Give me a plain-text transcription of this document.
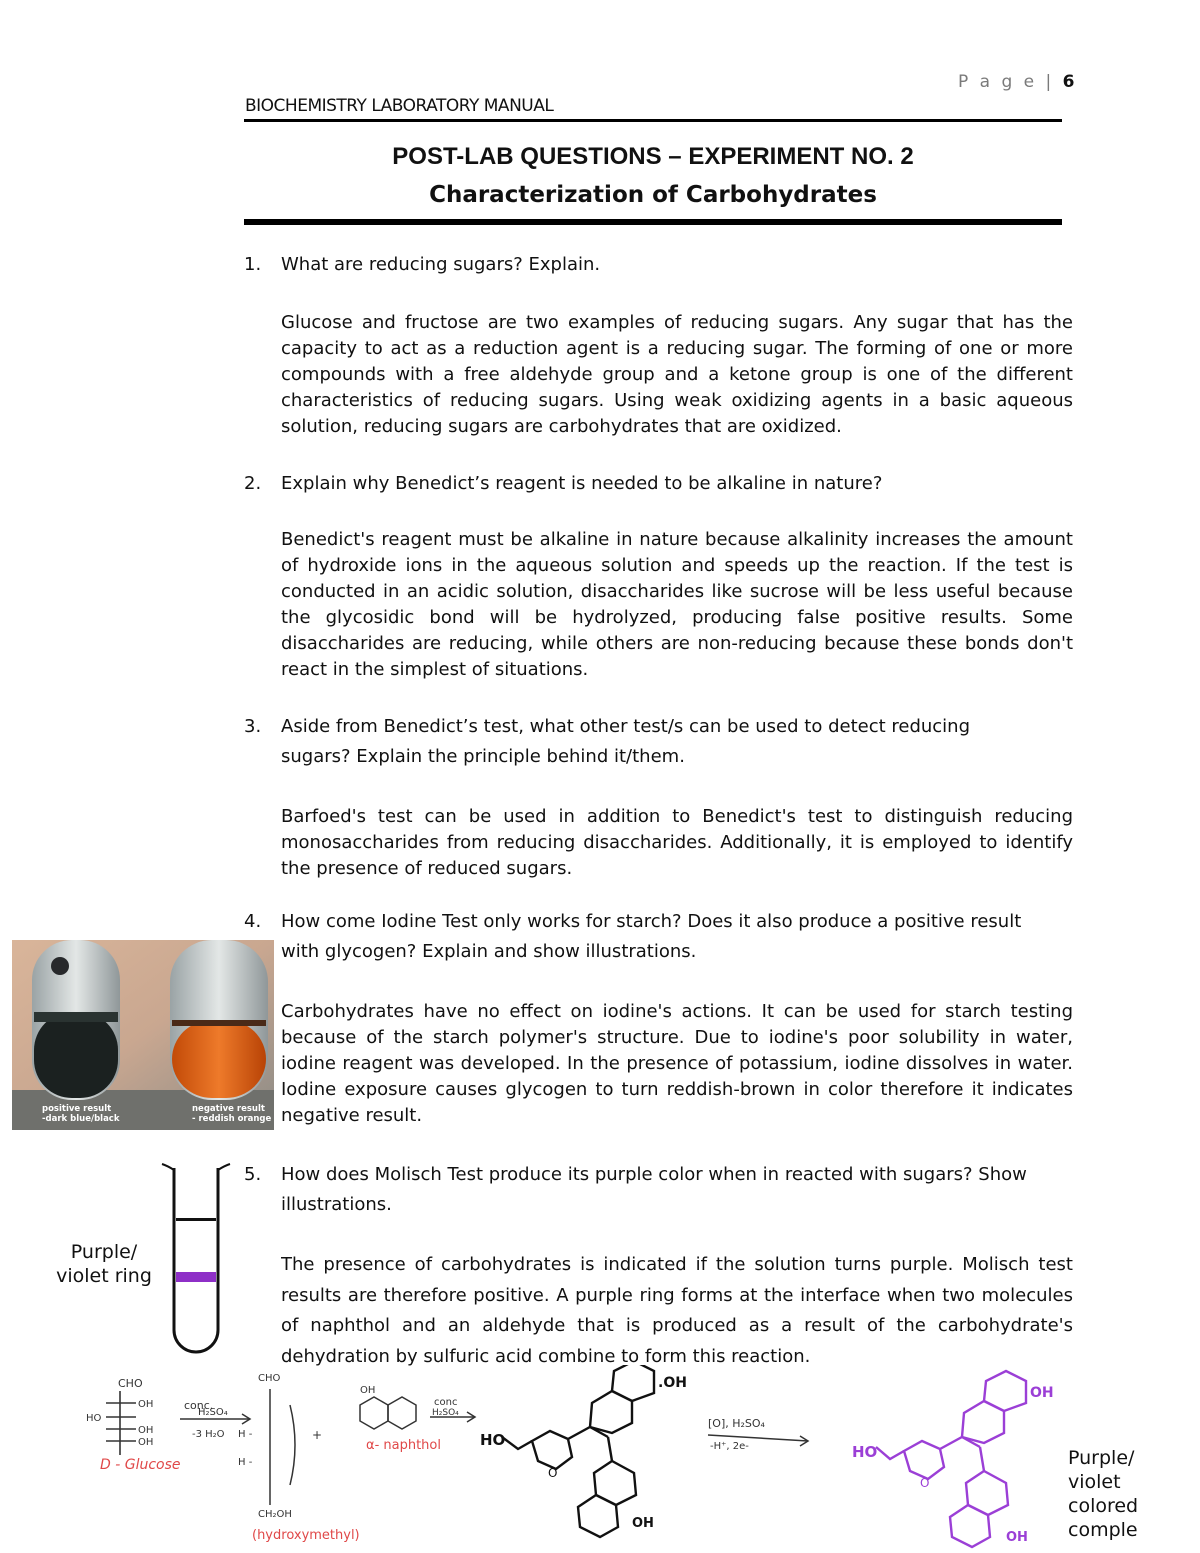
P a g e | 6
BIOCHEMISTRY LABORATORY MANUAL
POST-LAB QUESTIONS – EXPERIMENT NO. 2
Characterization of Carbohydrates
1. What are reducing sugars? Explain.
Glucose and fructose are two examples of reducing sugars. Any sugar that has the capacity to act as a reduction agent is a reducing sugar. The forming of one or more compounds with a free aldehyde group and a ketone group is one of the different characteristics of reducing sugars. Using weak oxidizing agents in a basic aqueous solution, reducing sugars are carbohydrates that are oxidized.
2. Explain why Benedict’s reagent is needed to be alkaline in nature?
Benedict's reagent must be alkaline in nature because alkalinity increases the amount of hydroxide ions in the aqueous solution and speeds up the reaction. If the test is conducted in an acidic solution, disaccharides like sucrose will be less useful because the glycosidic bond will be hydrolyzed, producing false positive results. Some disaccharides are reducing, while others are non-reducing because these bonds don't react in the simplest of situations.
3. Aside from Benedict’s test, what other test/s can be used to detect reducing sugars? Explain the principle behind it/them.
Barfoed's test can be used in addition to Benedict's test to distinguish reducing monosaccharides from reducing disaccharides. Additionally, it is employed to identify the presence of reduced sugars.
4. How come Iodine Test only works for starch? Does it also produce a positive result with glycogen? Explain and show illustrations.
Carbohydrates have no effect on iodine's actions. It can be used for starch testing because of the starch polymer's structure. Due to iodine's poor solubility in water, iodine reagent was developed. In the presence of potassium, iodine dissolves in water. Iodine exposure causes glycogen to turn reddish-brown in color therefore it indicates negative result.
positive result
-dark blue/black
negative result
- reddish orange
5. How does Molisch Test produce its purple color when in reacted with sugars? Show illustrations.
The presence of carbohydrates is indicated if the solution turns purple. Molisch test results are therefore positive. A purple ring forms at the interface when two molecules of naphthol and an aldehyde that is produced as a result of the carbohydrate's dehydration by sulfuric acid combine to form this reaction.
Purple/
violet ring
CHO
OH
HO
OH
OH
D - Glucose
conc.
H₂SO₄
-3 H₂O
CHO
H -
H -
CH₂OH
(hydroxymethyl)
+
OH
α- naphthol
conc
H₂SO₄
HO
O
.OH
OH
[O], H₂SO₄
-H⁺, 2e-	HO
O
OH
OH
Purple/
violet
colored
comple
